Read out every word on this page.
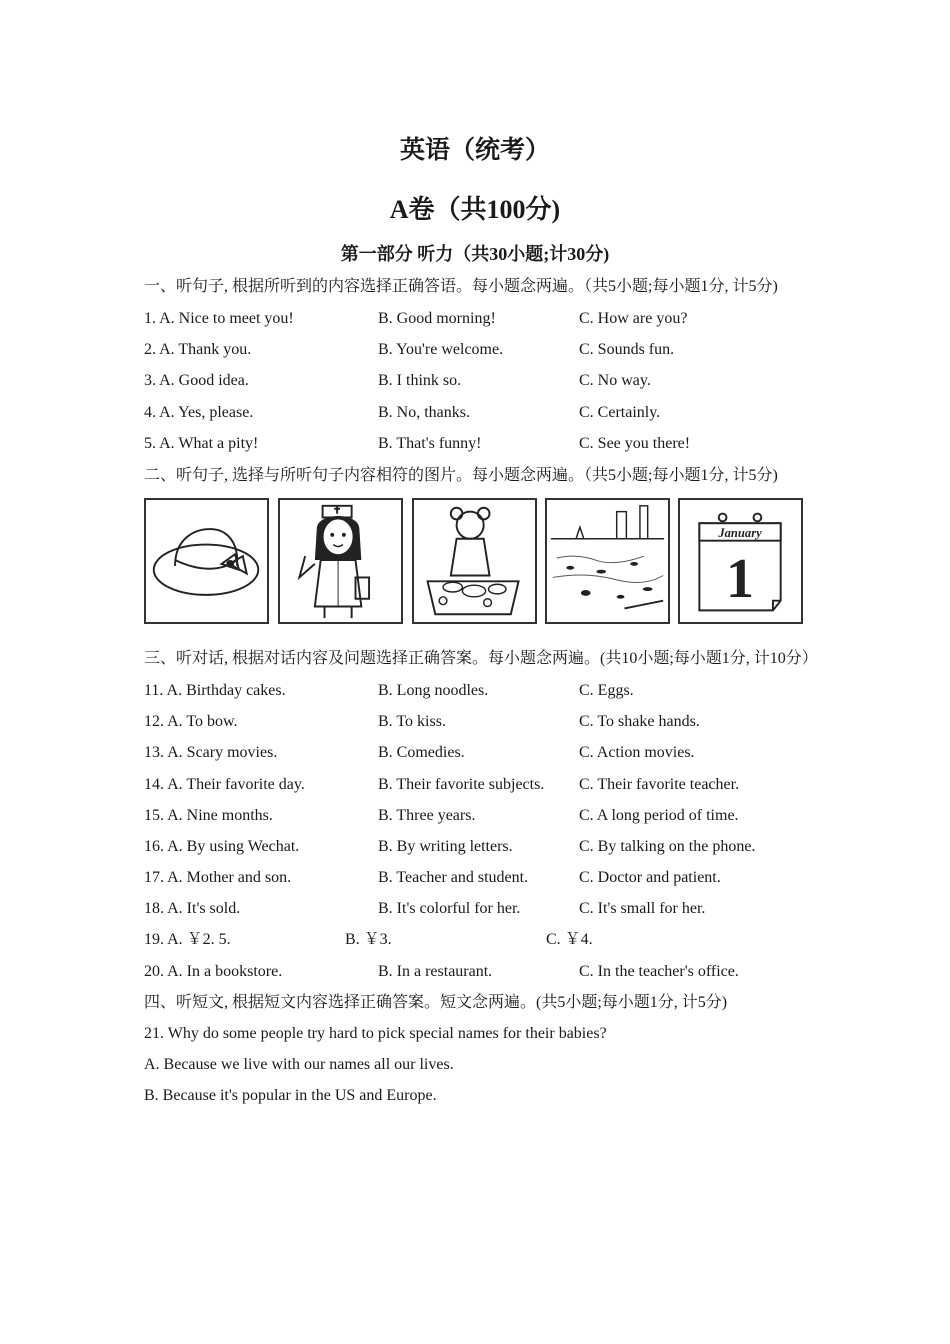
英语（统考）
A卷（共100分)
第一部分 听力（共30小题;计30分)

一、听句子, 根据所听到的内容选择正确答语。每小题念两遍。（共5小题;每小题1分, 计5分)

1. A. Nice to meet you!	B. Good morning!	C. How are you?
2. A. Thank you.	B. You're welcome.	C. Sounds fun.
3. A. Good idea.	B. I think so.	C. No way.
4. A. Yes, please.	B. No, thanks.	C. Certainly.
5. A. What a pity!	B. That's funny!	C. See you there!

二、听句子, 选择与所听句子内容相符的图片。每小题念两遍。（共5小题;每小题1分, 计5分)

January
1

三、听对话, 根据对话内容及问题选择正确答案。每小题念两遍。(共10小题;每小题1分, 计10分）

11. A. Birthday cakes.	B. Long noodles.	C. Eggs.
12. A. To bow.	B. To kiss.	C. To shake hands.
13. A. Scary movies.	B. Comedies.	C. Action movies.
14. A. Their favorite day.	B. Their favorite subjects. C. Their favorite teacher.
15. A. Nine months.	B. Three years.	C. A long period of time.
16. A. By using Wechat.	B. By writing letters.	C. By talking on the phone.
17. A. Mother and son.	B. Teacher and student.	C. Doctor and patient.
18. A. It's sold.	B. It's colorful for her.	C. It's small for her.
19. A. ￥2. 5.	B. ￥3.	C. ￥4.
20. A. In a bookstore.	B. In a restaurant.	C. In the teacher's office.
四、听短文, 根据短文内容选择正确答案。短文念两遍。(共5小题;每小题1分, 计5分)
21. Why do some people try hard to pick special names for their babies?
A. Because we live with our names all our lives.
B. Because it's popular in the US and Europe.
